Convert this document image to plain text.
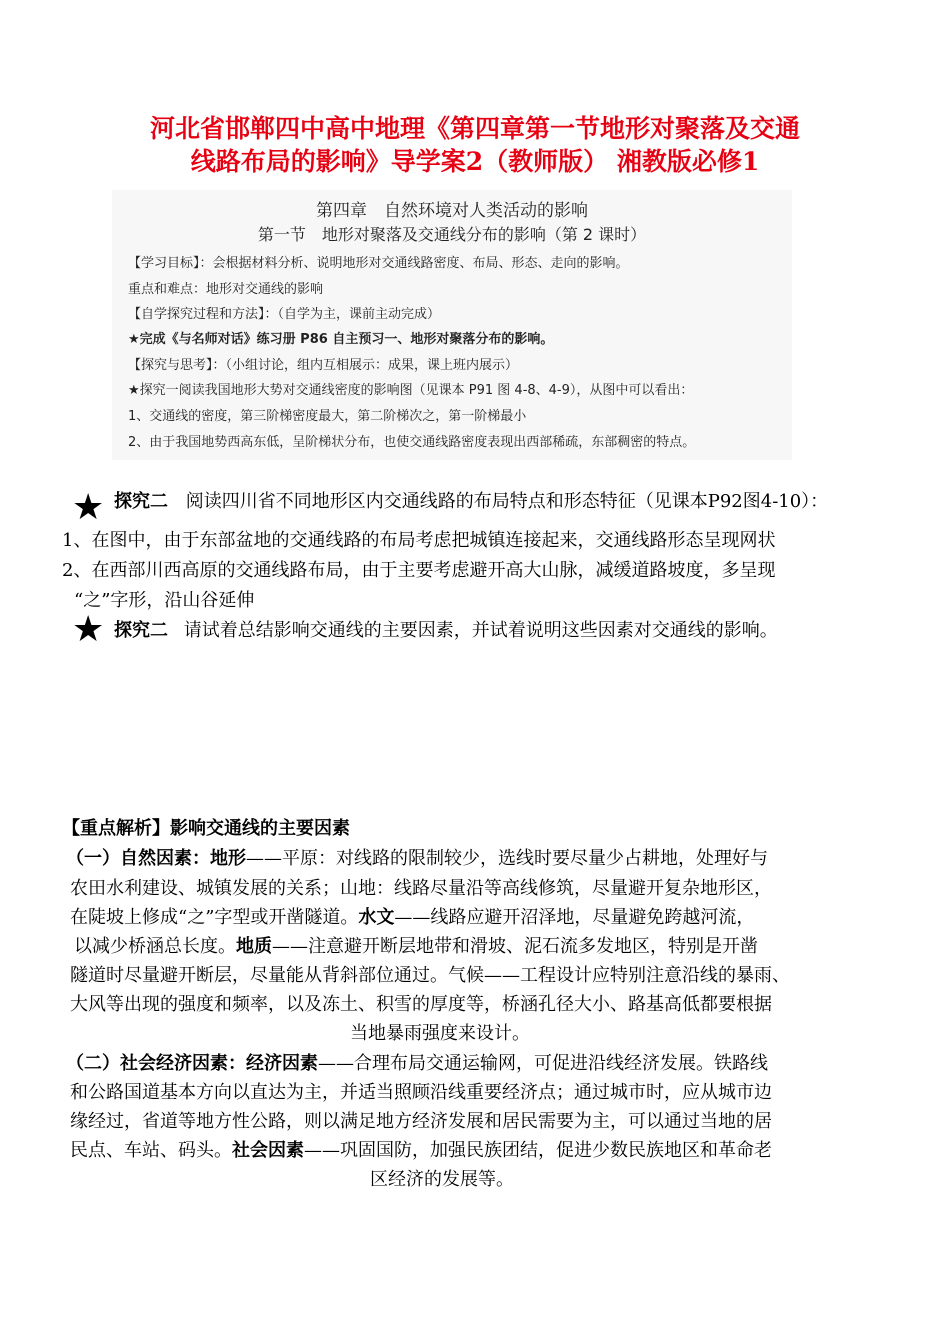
河北省邯郸四中高中地理《第四章第一节地形对聚落及交通
线路布局的影响》导学案2（教师版） 湘教版必修1
第四章　自然环境对人类活动的影响
第一节　地形对聚落及交通线分布的影响（第 2 课时）
【学习目标】：会根据材料分析、说明地形对交通线路密度、布局、形态、走向的影响。
重点和难点：地形对交通线的影响
【自学探究过程和方法】：（自学为主，课前主动完成）
★完成《与名师对话》练习册 P86 自主预习一、地形对聚落分布的影响。
【探究与思考】：（小组讨论，组内互相展示：成果，课上班内展示）
★探究一阅读我国地形大势对交通线密度的影响图（见课本 P91 图 4-8、4-9），从图中可以看出：
1、交通线的密度，第三阶梯密度最大，第二阶梯次之，第一阶梯最小
2、由于我国地势西高东低，呈阶梯状分布，也使交通线路密度表现出西部稀疏，东部稠密的特点。
★ 探究二 阅读四川省不同地形区内交通线路的布局特点和形态特征（见课本P92图4-10）：
1、在图中，由于东部盆地的交通线路的布局考虑把城镇连接起来，交通线路形态呈现网状
2、在西部川西高原的交通线路布局，由于主要考虑避开高大山脉，减缓道路坡度，多呈现
“之”字形，沿山谷延伸
★ 探究二 请试着总结影响交通线的主要因素，并试着说明这些因素对交通线的影响。
【重点解析】影响交通线的主要因素
（一）自然因素：地形——平原：对线路的限制较少，选线时要尽量少占耕地，处理好与
农田水利建设、城镇发展的关系；山地：线路尽量沿等高线修筑，尽量避开复杂地形区，
在陡坡上修成“之”字型或开凿隧道。水文——线路应避开沼泽地，尽量避免跨越河流，
以减少桥涵总长度。地质——注意避开断层地带和滑坡、泥石流多发地区，特别是开凿
隧道时尽量避开断层，尽量能从背斜部位通过。气候——工程设计应特别注意沿线的暴雨、
大风等出现的强度和频率，以及冻土、积雪的厚度等，桥涵孔径大小、路基高低都要根据
当地暴雨强度来设计。
（二）社会经济因素：经济因素——合理布局交通运输网，可促进沿线经济发展。铁路线
和公路国道基本方向以直达为主，并适当照顾沿线重要经济点；通过城市时，应从城市边
缘经过，省道等地方性公路，则以满足地方经济发展和居民需要为主，可以通过当地的居
民点、车站、码头。社会因素——巩固国防，加强民族团结，促进少数民族地区和革命老
区经济的发展等。
